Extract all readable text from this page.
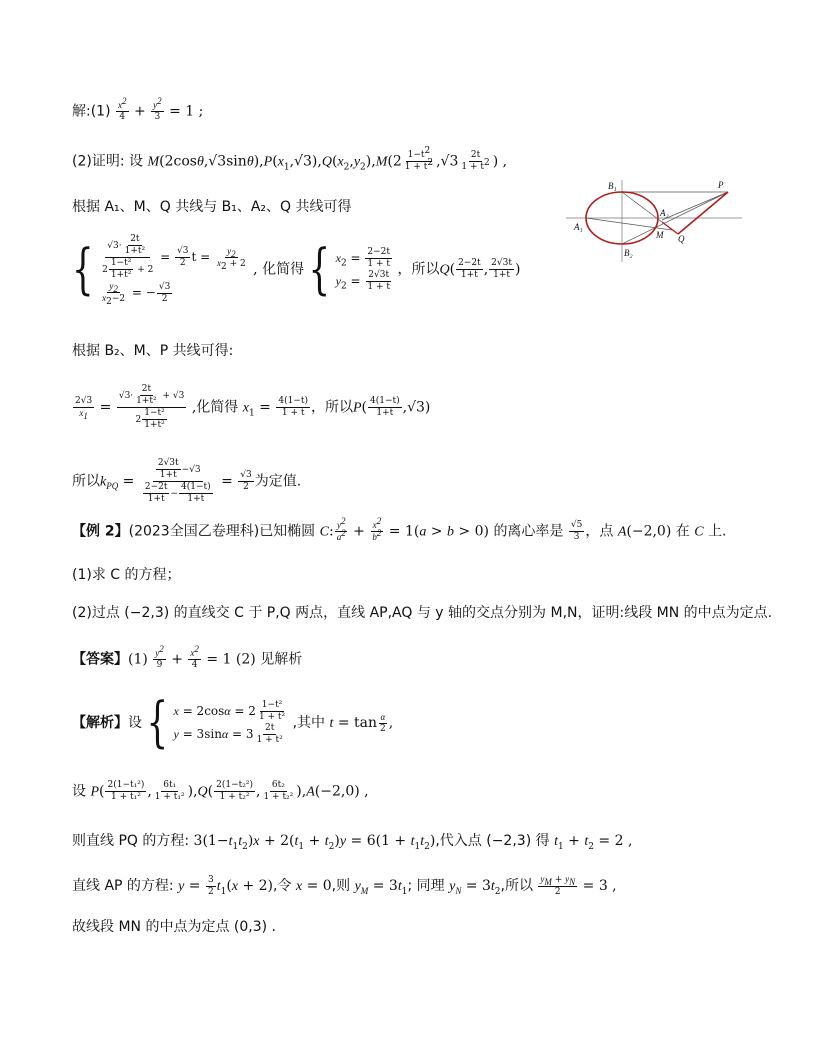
解:(1) $\frac{x^2}{4} + \frac{y^2}{3} = 1$ ;
(2)证明: 设 $M(2\cos\theta,√3\sin\theta),P(x_1,√3),Q(x_2,y_2),M(2 \frac{1-t^2}{1 + t^2} ,√3 \frac{2t}{1 + t^2}$ ) ,
根据 A₁、M、Q 共线与 B₁、A₂、Q 共线可得
B₁	P
A₁
A₂
M Q
B₂
{ $\frac{√3\cdot \frac{2t}{\text{1+t²}}}{2 \frac{\text{1−t²}}{\text{1+t²}} + 2} = \frac{√3}{2}$ $t = \frac{y_2}{x_2 + 2}$
$\frac{y_2}{x_2-2}$ = − $\frac{√3}{2}$
, 化简得 { $x_2 = \frac{2-2t}{1 + t}$
$y_2 = \frac{2√3t}{1 + t}$ ，所以$Q( \frac{2-2t}{1+t}$ , $\frac{2√3t}{1+t}$ )
根据 B₂、M、P 共线可得:
$\frac{2√3}{x_1} = \frac{√3\cdot \frac{2t}{\text{1+t²}} + √3}{2 \frac{\text{1−t²}}{\text{1+t²}}}$ ,化简得 $x_1 = \frac{4(1-t)}{1 + t}$ ，所以$P( \frac{4(1-t)}{1+t} ,√3)$
所以$k_{PQ} = \frac{\frac{2√3t}{1+t} -√3}{\frac{2-2t}{1+t} - \frac{4(1-t)}{1+t}} = \frac{√3}{2}$ 为定值.
【例 2】(2023全国乙卷理科)已知椭圆 C: $\frac{y^2}{a^2} + \frac{x^2}{b^2} = 1(a > b > 0)$ 的离心率是 $\frac{√5}{3}$ ，点 A(−2,0) 在 C 上.
(1)求 C 的方程；
(2)过点 (−2,3) 的直线交 C 于 P,Q 两点，直线 AP,AQ 与 y 轴的交点分别为 M,N，证明:线段 MN 的中点为定点.
【答案】$(1) \frac{y^2}{9} + \frac{x^2}{4} = 1$ (2) 见解析
【解析】设 { $x = 2\cos\alpha = 2 \frac{\text{1−t²}}{\text{1 + t²}}$
$y = 3\sin\alpha = 3 \frac{2t}{\text{1 + t²}}$ ,其中 $t = \tan \frac{\alpha}{2}$ ,
设 $P( \frac{\text{2(1−t₁²)}}{\text{1 + t₁²}}$ , $\frac{\text{6t₁}}{\text{1 + t₁²}} ),Q( \frac{\text{2(1−t₂²)}}{\text{1 + t₂²}}$ , $\frac{\text{6t₂}}{\text{1 + t₂²}} ),A(-2,0)$ ,
则直线 PQ 的方程: $3(1-t_1t_2)x + 2(t_1 + t_2)y = 6(1 + t_1t_2)$,代入点 (−2,3) 得 $t_1 + t_2 = 2$ ,
直线 AP 的方程: $y = \frac{3}{2} t_1(x + 2)$,令 x = 0,则 $y_M = 3t_1$; 同理 $y_N = 3t_2$,所以 $\frac{y_M + y_N}{2} = 3$ ,
故线段 MN 的中点为定点 (0,3) .
